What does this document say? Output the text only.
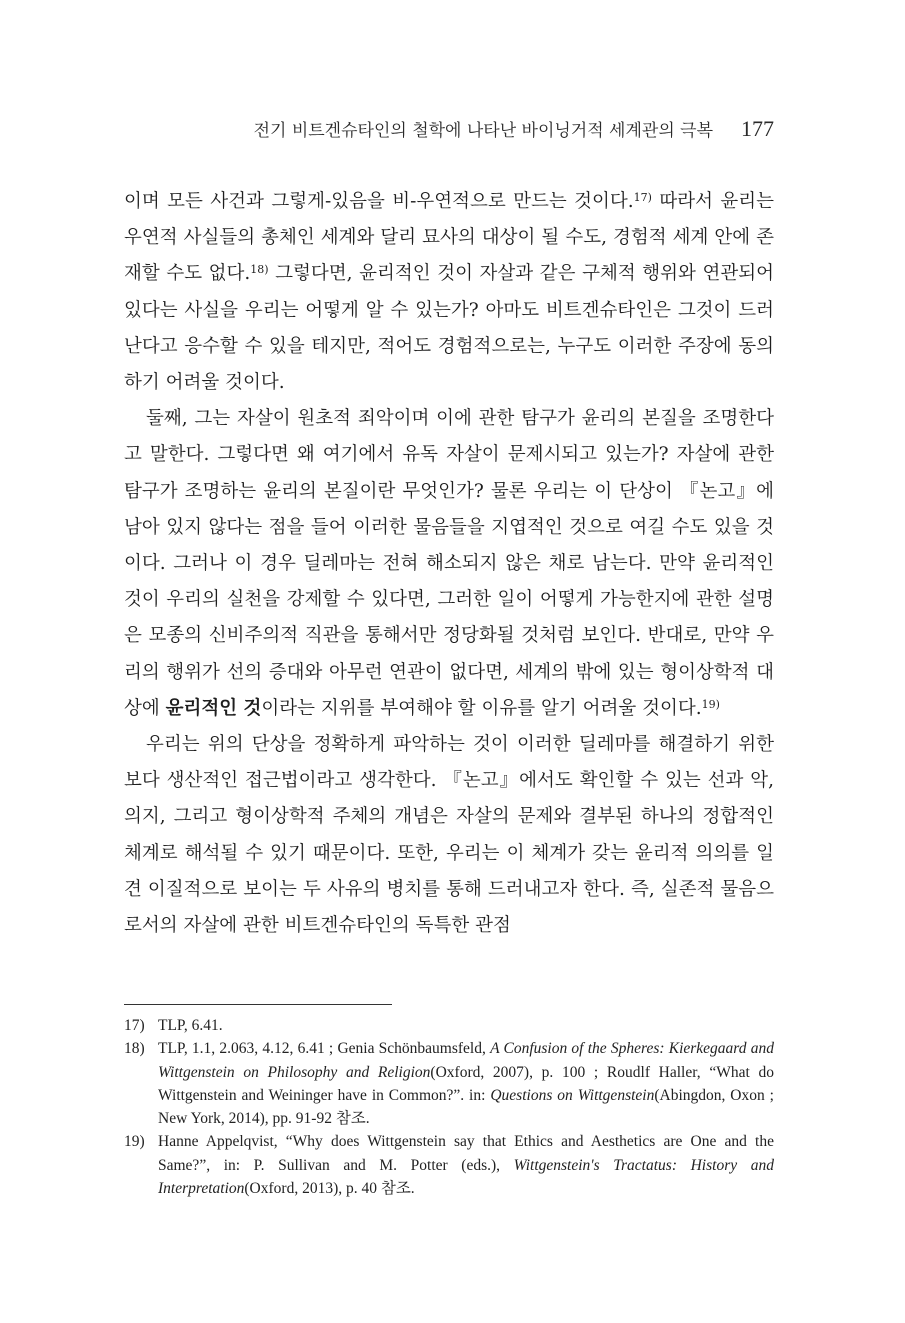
전기 비트겐슈타인의 철학에 나타난 바이닝거적 세계관의 극복 177

이며 모든 사건과 그렇게-있음을 비-우연적으로 만드는 것이다.$^{17)}$ 따라서 윤리는 우연적 사실들의 총체인 세계와 달리 묘사의 대상이 될 수도, 경험적 세계 안에 존재할 수도 없다.$^{18)}$ 그렇다면, 윤리적인 것이 자살과 같은 구체적 행위와 연관되어 있다는 사실을 우리는 어떻게 알 수 있는가? 아마도 비트겐슈타인은 그것이 드러난다고 응수할 수 있을 테지만, 적어도 경험적으로는, 누구도 이러한 주장에 동의하기 어려울 것이다.

둘째, 그는 자살이 원초적 죄악이며 이에 관한 탐구가 윤리의 본질을 조명한다고 말한다. 그렇다면 왜 여기에서 유독 자살이 문제시되고 있는가? 자살에 관한 탐구가 조명하는 윤리의 본질이란 무엇인가? 물론 우리는 이 단상이 『논고』에 남아 있지 않다는 점을 들어 이러한 물음들을 지엽적인 것으로 여길 수도 있을 것이다. 그러나 이 경우 딜레마는 전혀 해소되지 않은 채로 남는다. 만약 윤리적인 것이 우리의 실천을 강제할 수 있다면, 그러한 일이 어떻게 가능한지에 관한 설명은 모종의 신비주의적 직관을 통해서만 정당화될 것처럼 보인다. 반대로, 만약 우리의 행위가 선의 증대와 아무런 연관이 없다면, 세계의 밖에 있는 형이상학적 대상에 윤리적인 것이라는 지위를 부여해야 할 이유를 알기 어려울 것이다.$^{19)}$

우리는 위의 단상을 정확하게 파악하는 것이 이러한 딜레마를 해결하기 위한 보다 생산적인 접근법이라고 생각한다. 『논고』에서도 확인할 수 있는 선과 악, 의지, 그리고 형이상학적 주체의 개념은 자살의 문제와 결부된 하나의 정합적인 체계로 해석될 수 있기 때문이다. 또한, 우리는 이 체계가 갖는 윤리적 의의를 일견 이질적으로 보이는 두 사유의 병치를 통해 드러내고자 한다. 즉, 실존적 물음으로서의 자살에 관한 비트겐슈타인의 독특한 관점

17) TLP, 6.41.
18) TLP, 1.1, 2.063, 4.12, 6.41 ; Genia Schönbaumsfeld, A Confusion of the Spheres: Kierkegaard and Wittgenstein on Philosophy and Religion(Oxford, 2007), p. 100 ; Roudlf Haller, “What do Wittgenstein and Weininger have in Common?”. in: Questions on Wittgenstein(Abingdon, Oxon ; New York, 2014), pp. 91-92 참조.
19) Hanne Appelqvist, “Why does Wittgenstein say that Ethics and Aesthetics are One and the Same?”, in: P. Sullivan and M. Potter (eds.), Wittgenstein's Tractatus: History and Interpretation(Oxford, 2013), p. 40 참조.
